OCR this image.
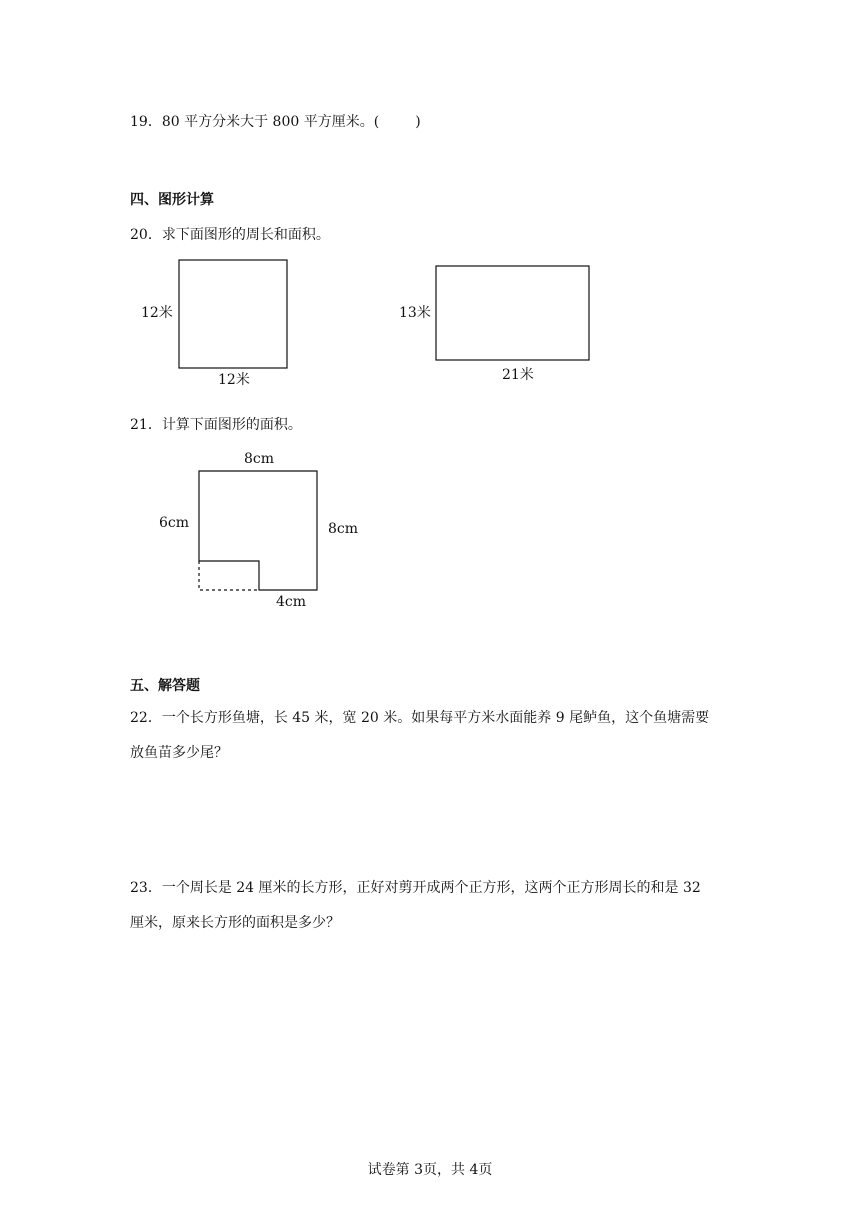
19．80 平方分米大于 800 平方厘米。(	)
四、图形计算
20．求下面图形的周长和面积。
12米
12米
13米
21米
21．计算下面图形的面积。
8cm
6cm	8cm
4cm
五、解答题
22．一个长方形鱼塘，长 45 米，宽 20 米。如果每平方米水面能养 9 尾鲈鱼，这个鱼塘需要
放鱼苗多少尾？
23．一个周长是 24 厘米的长方形，正好对剪开成两个正方形，这两个正方形周长的和是 32
厘米，原来长方形的面积是多少？
试卷第 3页，共 4页
